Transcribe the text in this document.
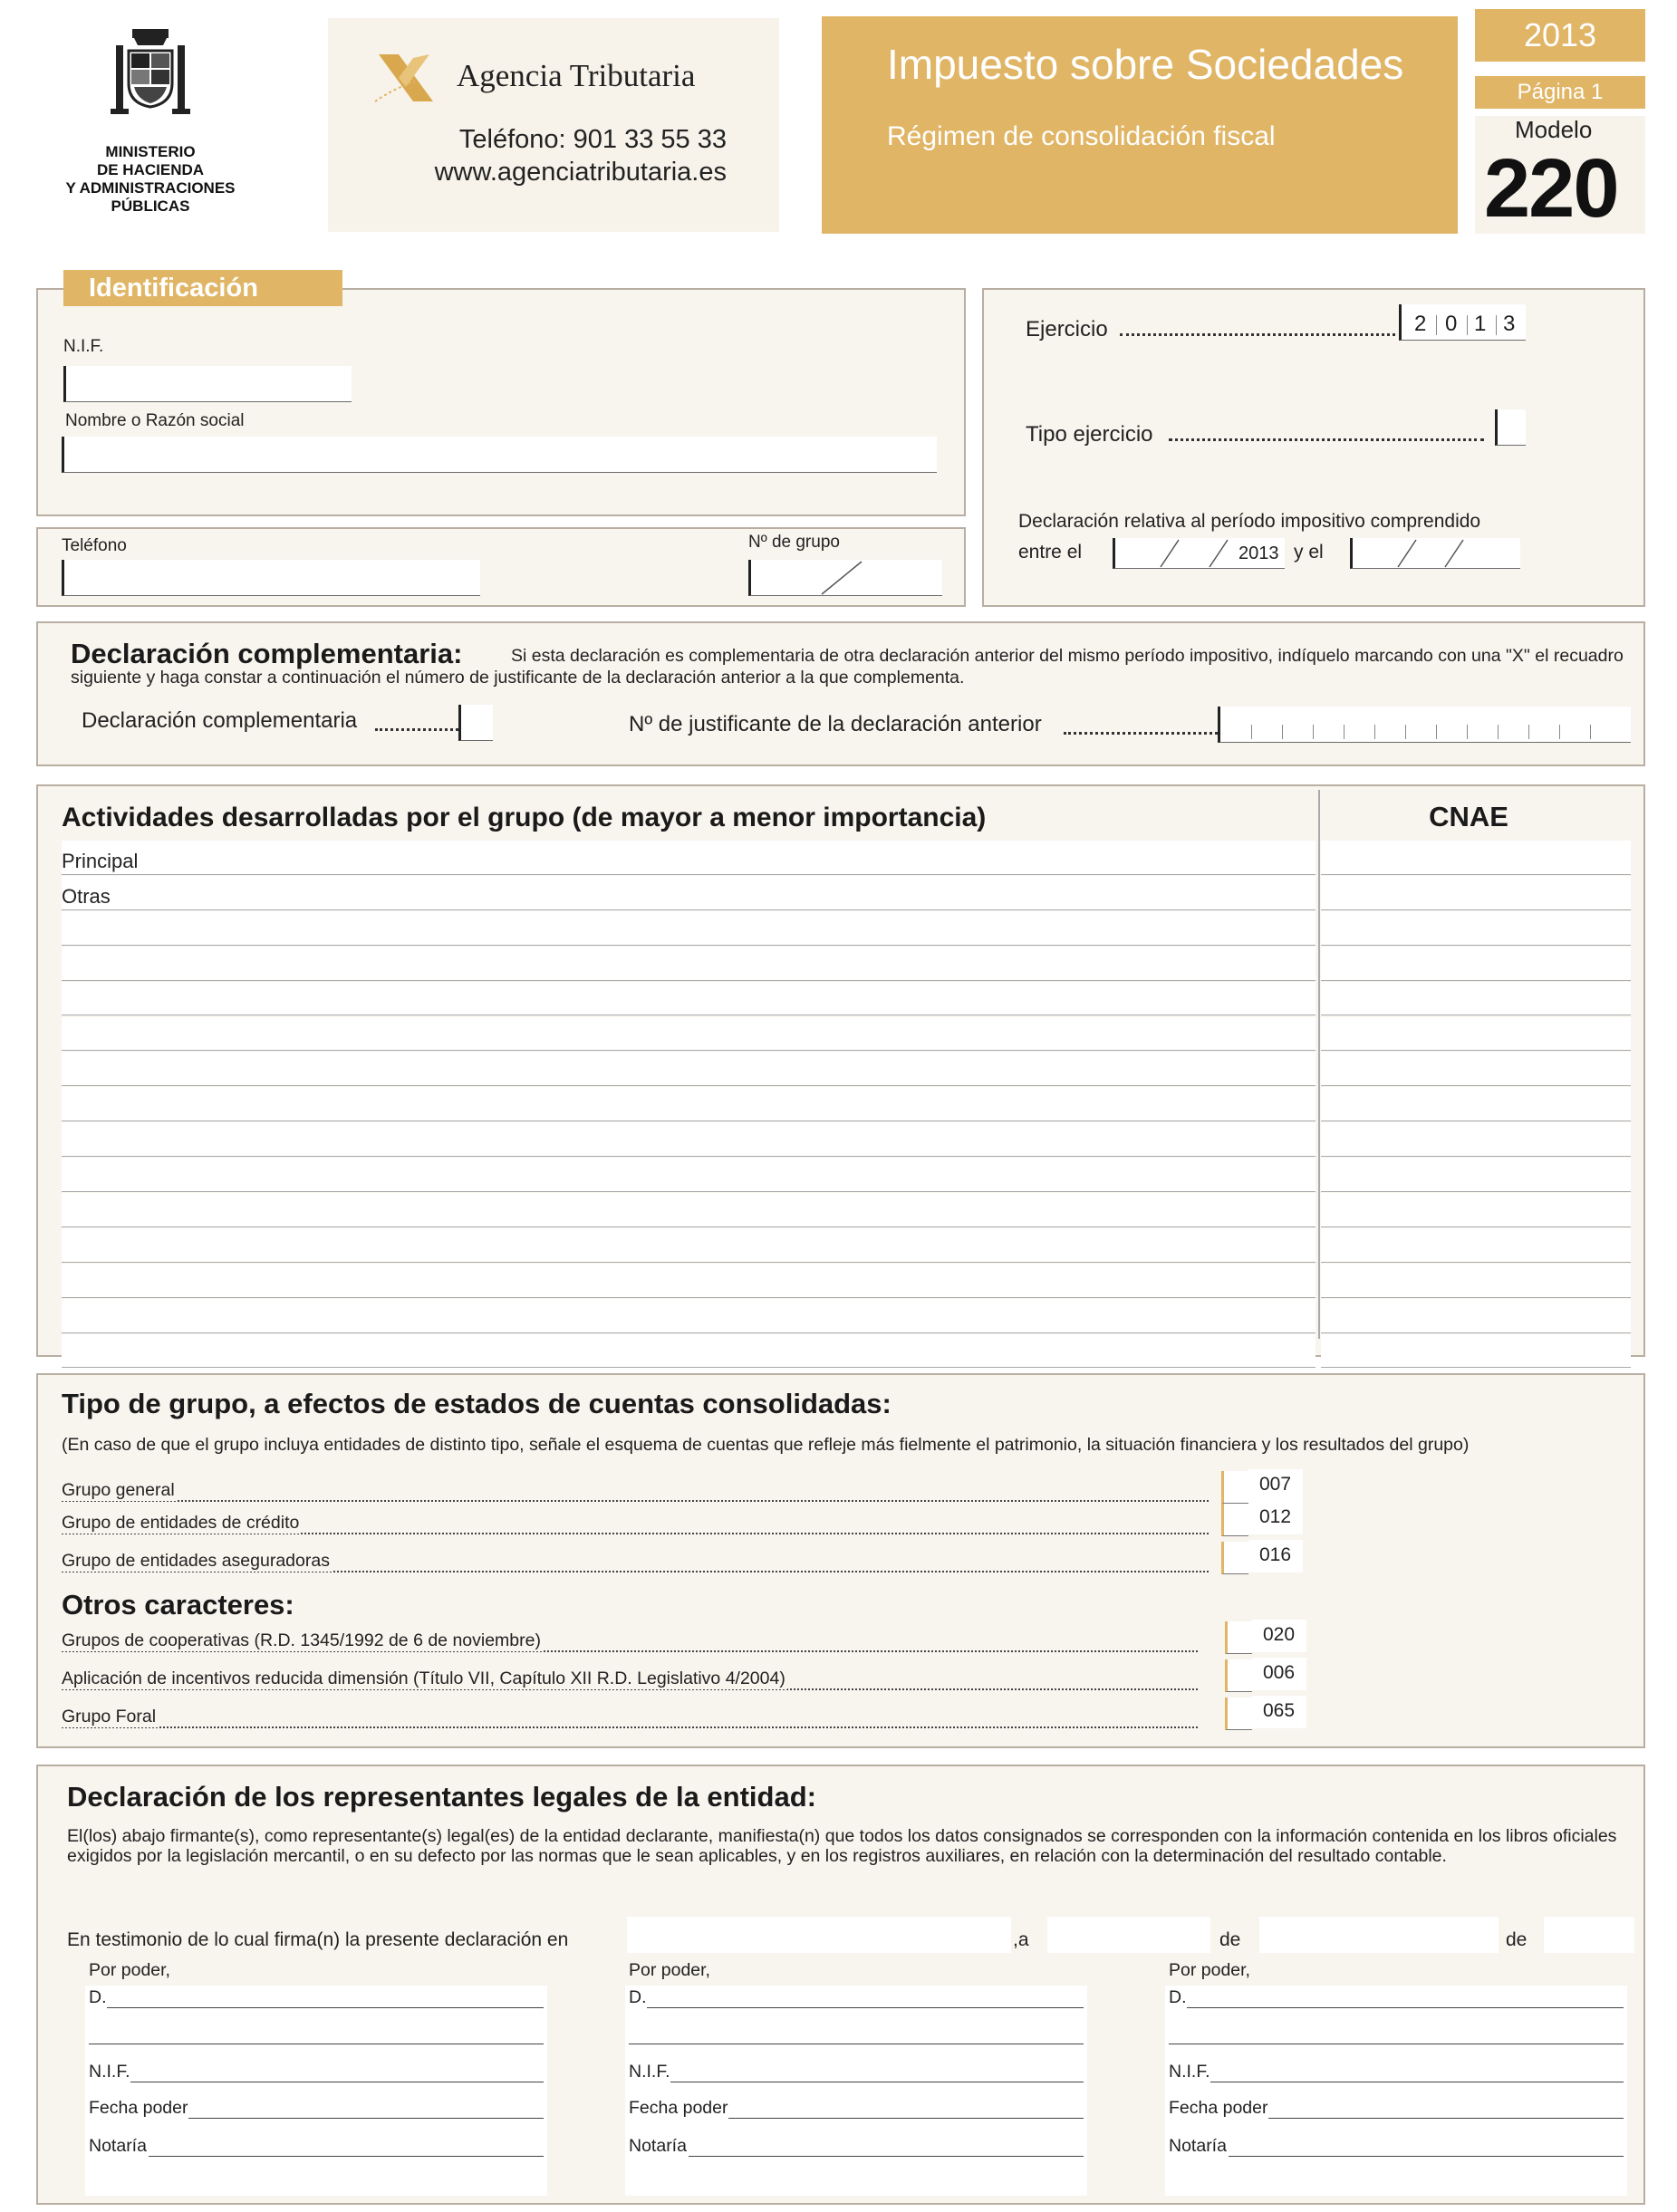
MINISTERIO
DE HACIENDA
Y ADMINISTRACIONES PÚBLICAS
Agencia Tributaria
Teléfono: 901 33 55 33
www.agenciatributaria.es
Impuesto sobre Sociedades
Régimen de consolidación fiscal
2013
Página 1
Modelo
220
Identificación
N.I.F.
Nombre o Razón social
Teléfono	Nº de grupo
Ejercicio	2 0 1 3
Tipo ejercicio
Declaración relativa al período impositivo comprendido
entre el	2013 y el
Declaración complementaria:	Si esta declaración es complementaria de otra declaración anterior del mismo período impositivo, indíquelo marcando con una "X" el recuadro siguiente y haga constar a continuación el número de justificante de la declaración anterior a la que complementa.
Declaración complementaria	Nº de justificante de la declaración anterior
Actividades desarrolladas por el grupo (de mayor a menor importancia)	CNAE
Principal
Otras
Tipo de grupo, a efectos de estados de cuentas consolidadas:
(En caso de que el grupo incluya entidades de distinto tipo, señale el esquema de cuentas que refleje más fielmente el patrimonio, la situación financiera y los resultados del grupo)
Grupo general	007
Grupo de entidades de crédito	012
Grupo de entidades aseguradoras	016
Otros caracteres:
Grupos de cooperativas (R.D. 1345/1992 de 6 de noviembre)	020
Aplicación de incentivos reducida dimensión (Título VII, Capítulo XII R.D. Legislativo 4/2004)	006
Grupo Foral	065
Declaración de los representantes legales de la entidad:
El(los) abajo firmante(s), como representante(s) legal(es) de la entidad declarante, manifiesta(n) que todos los datos consignados se corresponden con la información contenida en los libros oficiales exigidos por la legislación mercantil, o en su defecto por las normas que le sean aplicables, y en los registros auxiliares, en relación con la determinación del resultado contable.
En testimonio de lo cual firma(n) la presente declaración en	,a	de	de
Por poder,
D.
N.I.F.
Fecha poder
Notaría
Por poder,
D.
N.I.F.
Fecha poder
Notaría
Por poder,
D.
N.I.F.
Fecha poder
Notaría
